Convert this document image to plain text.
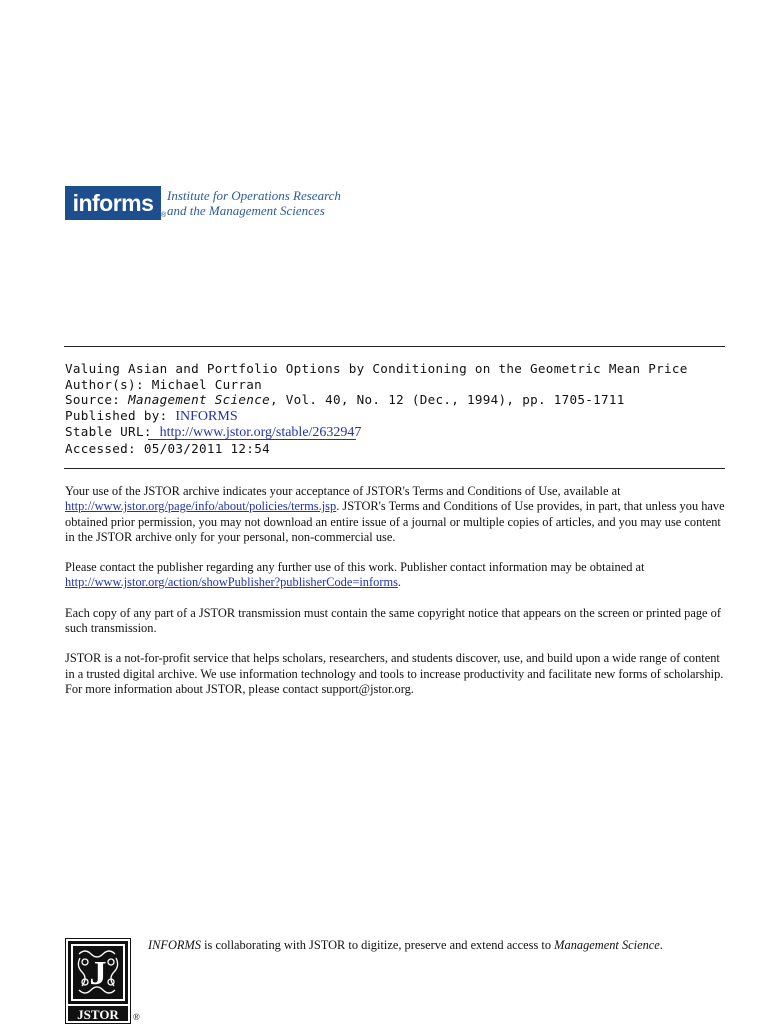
informs ®
Institute for Operations Research
and the Management Sciences
Valuing Asian and Portfolio Options by Conditioning on the Geometric Mean Price
Author(s): Michael Curran
Source: Management Science, Vol. 40, No. 12 (Dec., 1994), pp. 1705-1711
Published by: INFORMS
Stable URL: http://www.jstor.org/stable/2632947
Accessed: 05/03/2011 12:54

Your use of the JSTOR archive indicates your acceptance of JSTOR's Terms and Conditions of Use, available at
http://www.jstor.org/page/info/about/policies/terms.jsp. JSTOR's Terms and Conditions of Use provides, in part, that unless you have obtained prior permission, you may not download an entire issue of a journal or multiple copies of articles, and you may use content in the JSTOR archive only for your personal, non-commercial use.

Please contact the publisher regarding any further use of this work. Publisher contact information may be obtained at
http://www.jstor.org/action/showPublisher?publisherCode=informs.

Each copy of any part of a JSTOR transmission must contain the same copyright notice that appears on the screen or printed page of such transmission.

JSTOR is a not-for-profit service that helps scholars, researchers, and students discover, use, and build upon a wide range of content in a trusted digital archive. We use information technology and tools to increase productivity and facilitate new forms of scholarship. For more information about JSTOR, please contact support@jstor.org.

J
JSTOR ®
INFORMS is collaborating with JSTOR to digitize, preserve and extend access to Management Science.
